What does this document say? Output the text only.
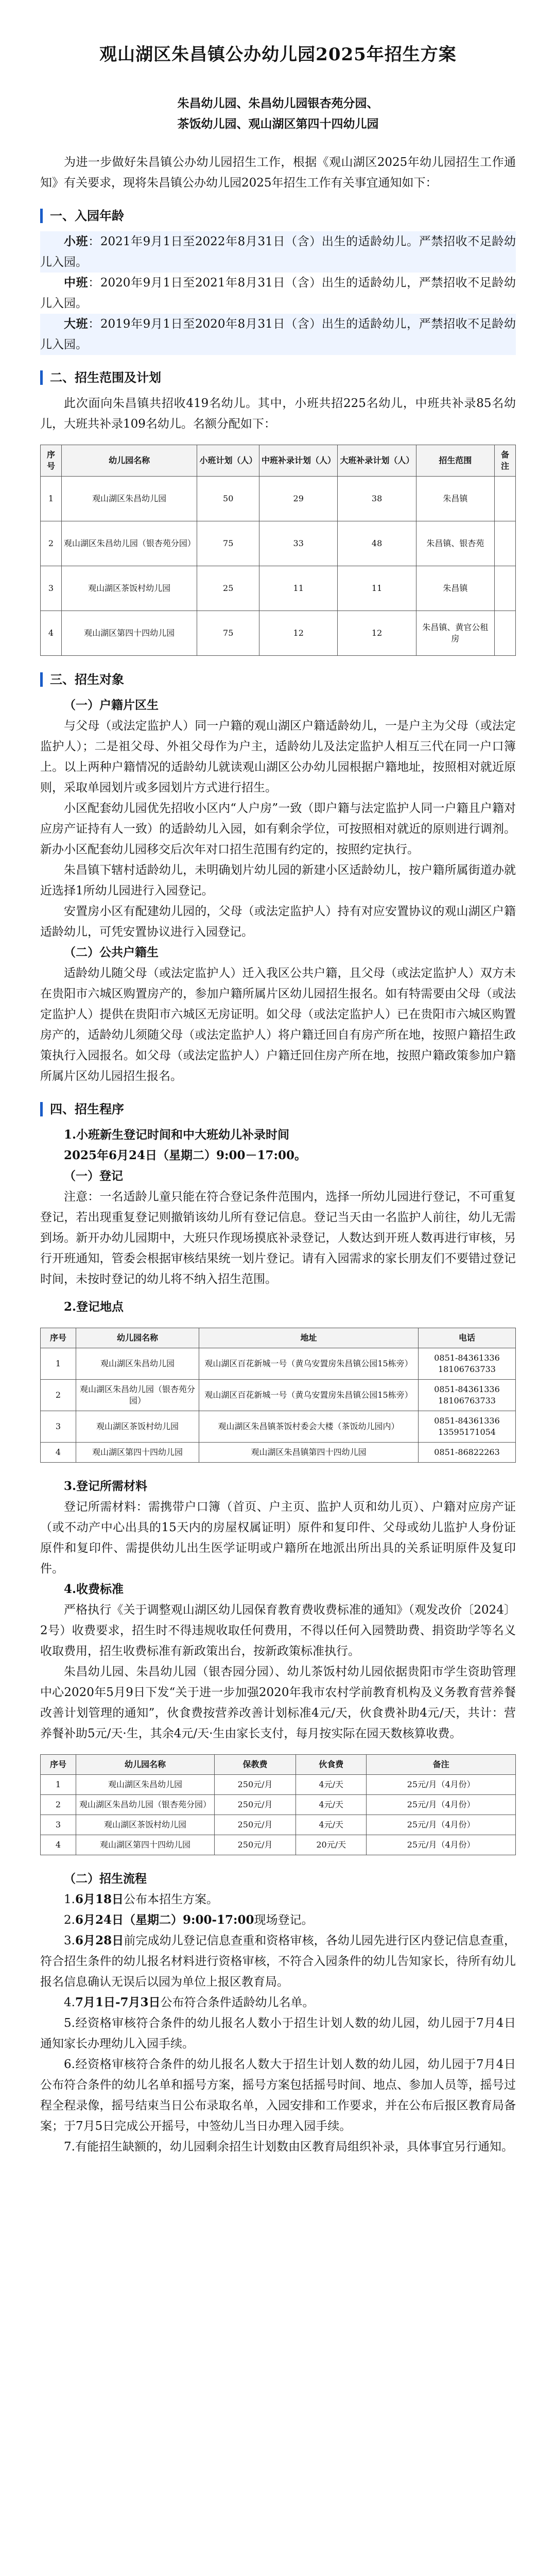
观山湖区朱昌镇公办幼儿园2025年招生方案
朱昌幼儿园、朱昌幼儿园银杏苑分园、
茶饭幼儿园、观山湖区第四十四幼儿园

为进一步做好朱昌镇公办幼儿园招生工作，根据《观山湖区2025年幼儿园招生工作通知》有关要求，现将朱昌镇公办幼儿园2025年招生工作有关事宜通知如下：

一、入园年龄

小班：2021年9月1日至2022年8月31日（含）出生的适龄幼儿。严禁招收不足龄幼儿入园。

中班：2020年9月1日至2021年8月31日（含）出生的适龄幼儿，严禁招收不足龄幼儿入园。

大班：2019年9月1日至2020年8月31日（含）出生的适龄幼儿，严禁招收不足龄幼儿入园。

二、招生范围及计划

此次面向朱昌镇共招收419名幼儿。其中，小班共招225名幼儿，中班共补录85名幼儿，大班共补录109名幼儿。名额分配如下：

序号	幼儿园名称	小班计划（人）	中班补录计划（人）	大班补录计划（人）	招生范围	备注
1	观山湖区朱昌幼儿园	50	29	38	朱昌镇	
2	观山湖区朱昌幼儿园（银杏苑分园）	75	33	48	朱昌镇、银杏苑	
3	观山湖区茶饭村幼儿园	25	11	11	朱昌镇	
4	观山湖区第四十四幼儿园	75	12	12	朱昌镇、黄官公租房	
三、招生对象
（一）户籍片区生

与父母（或法定监护人）同一户籍的观山湖区户籍适龄幼儿，一是户主为父母（或法定监护人）；二是祖父母、外祖父母作为户主，适龄幼儿及法定监护人相互三代在同一户口簿上。以上两种户籍情况的适龄幼儿就读观山湖区公办幼儿园根据户籍地址，按照相对就近原则，采取单园划片或多园划片方式进行招生。

小区配套幼儿园优先招收小区内“人户房”一致（即户籍与法定监护人同一户籍且户籍对应房产证持有人一致）的适龄幼儿入园，如有剩余学位，可按照相对就近的原则进行调剂。新办小区配套幼儿园移交后次年对口招生范围有约定的，按照约定执行。

朱昌镇下辖村适龄幼儿，未明确划片幼儿园的新建小区适龄幼儿，按户籍所属街道办就近选择1所幼儿园进行入园登记。

安置房小区有配建幼儿园的，父母（或法定监护人）持有对应安置协议的观山湖区户籍适龄幼儿，可凭安置协议进行入园登记。

（二）公共户籍生

适龄幼儿随父母（或法定监护人）迁入我区公共户籍，且父母（或法定监护人）双方未在贵阳市六城区购置房产的，参加户籍所属片区幼儿园招生报名。如有特需要由父母（或法定监护人）提供在贵阳市六城区无房证明。如父母（或法定监护人）已在贵阳市六城区购置房产的，适龄幼儿须随父母（或法定监护人）将户籍迁回自有房产所在地，按照户籍招生政策执行入园报名。如父母（或法定监护人）户籍迁回住房产所在地，按照户籍政策参加户籍所属片区幼儿园招生报名。

四、招生程序
1.小班新生登记时间和中大班幼儿补录时间
2025年6月24日（星期二）9:00－17:00。
（一）登记

注意：一名适龄儿童只能在符合登记条件范围内，选择一所幼儿园进行登记，不可重复登记，若出现重复登记则撤销该幼儿所有登记信息。登记当天由一名监护人前往，幼儿无需到场。新开办幼儿园期中，大班只作现场摸底补录登记，人数达到开班人数再进行审核，另行开班通知，管委会根据审核结果统一划片登记。请有入园需求的家长朋友们不要错过登记时间，未按时登记的幼儿将不纳入招生范围。

2.登记地点
序号	幼儿园名称	地址	电话
1	观山湖区朱昌幼儿园	观山湖区百花新城一号（黄乌安置房朱昌镇公园15栋旁）	0851-84361336
18106763733
2	观山湖区朱昌幼儿园（银杏苑分园）	观山湖区百花新城一号（黄乌安置房朱昌镇公园15栋旁）	0851-84361336
18106763733
3	观山湖区茶饭村幼儿园	观山湖区朱昌镇茶饭村委会大楼（茶饭幼儿园内）	0851-84361336
13595171054
4	观山湖区第四十四幼儿园	观山湖区朱昌镇第四十四幼儿园	0851-86822263
3.登记所需材料

登记所需材料：需携带户口簿（首页、户主页、监护人页和幼儿页）、户籍对应房产证（或不动产中心出具的15天内的房屋权属证明）原件和复印件、父母或幼儿监护人身份证原件和复印件、需提供幼儿出生医学证明或户籍所在地派出所出具的关系证明原件及复印件。

4.收费标准

严格执行《关于调整观山湖区幼儿园保育教育费收费标准的通知》（观发改价〔2024〕2号）收费要求，招生时不得违规收取任何费用，不得以任何入园赞助费、捐资助学等名义收取费用，招生收费标准有新政策出台，按新政策标准执行。

朱昌幼儿园、朱昌幼儿园（银杏园分园）、幼儿茶饭村幼儿园依据贵阳市学生资助管理中心2020年5月9日下发“关于进一步加强2020年我市农村学前教育机构及义务教育营养餐改善计划管理的通知”，伙食费按营养改善计划标准4元/天，伙食费补助4元/天，共计：营养餐补助5元/天·生，其余4元/天·生由家长支付，每月按实际在园天数核算收费。

序号	幼儿园名称	保教费	伙食费	备注
1	观山湖区朱昌幼儿园	250元/月	4元/天	25元/月（4月份）
2	观山湖区朱昌幼儿园（银杏苑分园）	250元/月	4元/天	25元/月（4月份）
3	观山湖区茶饭村幼儿园	250元/月	4元/天	25元/月（4月份）
4	观山湖区第四十四幼儿园	250元/月	20元/天	25元/月（4月份）
（二）招生流程

1.6月18日公布本招生方案。

2.6月24日（星期二）9:00-17:00现场登记。

3.6月28日前完成幼儿登记信息查重和资格审核，各幼儿园先进行区内登记信息查重，符合招生条件的幼儿报名材料进行资格审核，不符合入园条件的幼儿告知家长，待所有幼儿报名信息确认无误后以园为单位上报区教育局。

4.7月1日-7月3日公布符合条件适龄幼儿名单。

5.经资格审核符合条件的幼儿报名人数小于招生计划人数的幼儿园，幼儿园于7月4日通知家长办理幼儿入园手续。

6.经资格审核符合条件的幼儿报名人数大于招生计划人数的幼儿园，幼儿园于7月4日公布符合条件的幼儿名单和摇号方案，摇号方案包括摇号时间、地点、参加人员等，摇号过程全程录像，摇号结束当日公布录取名单，入园安排和工作要求，并在公布后报区教育局备案；于7月5日完成公开摇号，中签幼儿当日办理入园手续。

7.有能招生缺额的，幼儿园剩余招生计划数由区教育局组织补录，具体事宜另行通知。
